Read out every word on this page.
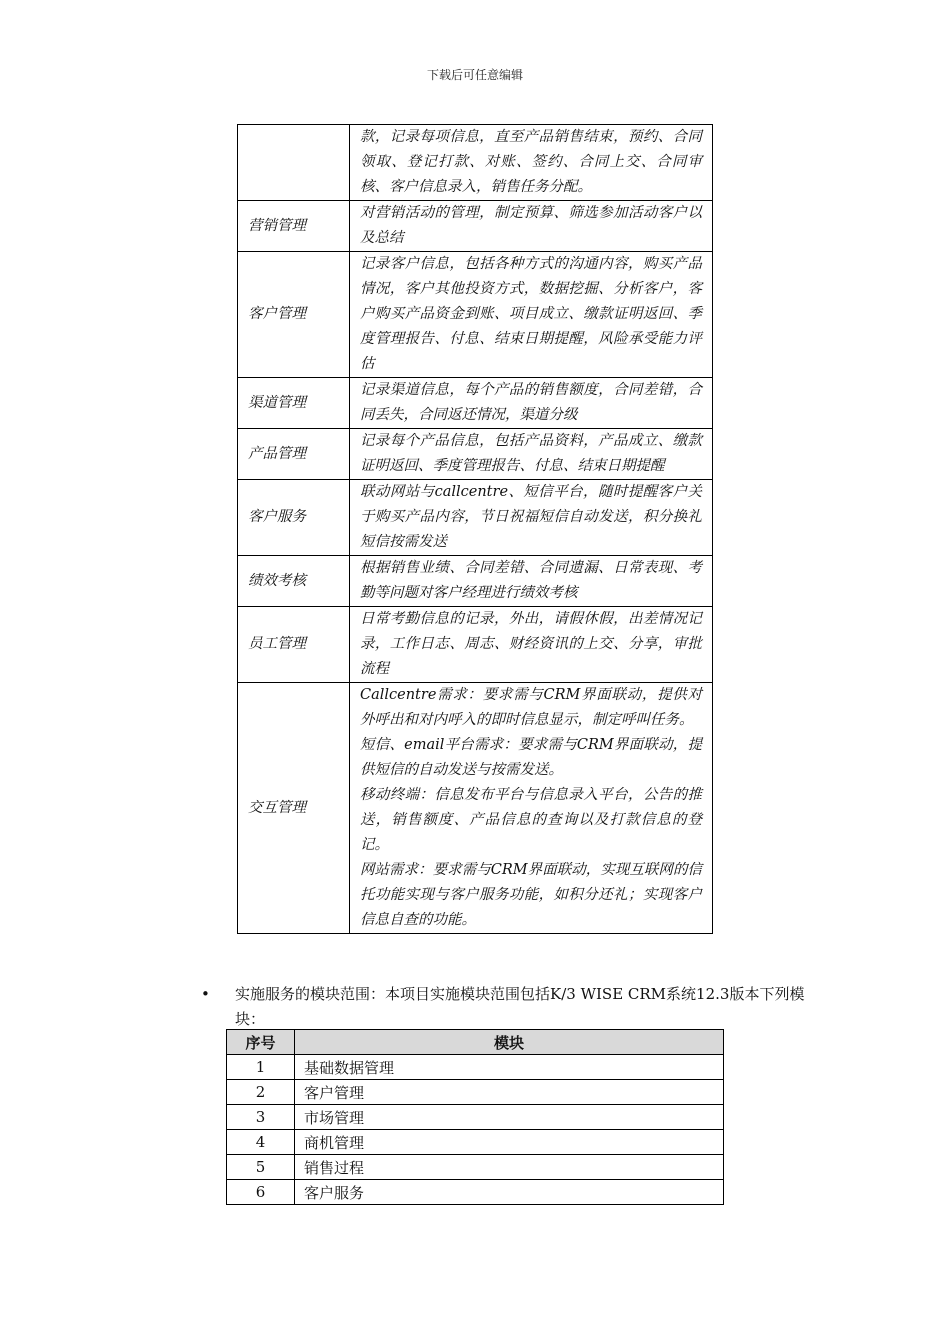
下载后可任意编辑

	款，记录每项信息，直至产品销售结束，预约、合同领取、登记打款、对账、签约、合同上交、合同审核、客户信息录入，销售任务分配。

营销管理	对营销活动的管理，制定预算、筛选参加活动客户以及总结

客户管理	记录客户信息，包括各种方式的沟通内容，购买产品情况，客户其他投资方式，数据挖掘、分析客户，客户购买产品资金到账、项目成立、缴款证明返回、季度管理报告、付息、结束日期提醒，风险承受能力评估

渠道管理	记录渠道信息，每个产品的销售额度，合同差错，合同丢失，合同返还情况，渠道分级

产品管理	记录每个产品信息，包括产品资料，产品成立、缴款证明返回、季度管理报告、付息、结束日期提醒

客户服务	联动网站与callcentre、短信平台，随时提醒客户关于购买产品内容，节日祝福短信自动发送，积分换礼短信按需发送

绩效考核	根据销售业绩、合同差错、合同遗漏、日常表现、考勤等问题对客户经理进行绩效考核

员工管理	日常考勤信息的记录，外出，请假休假，出差情况记录，工作日志、周志、财经资讯的上交、分享，审批流程

交互管理	Callcentre需求：要求需与CRM界面联动，提供对外呼出和对内呼入的即时信息显示，制定呼叫任务。

短信、email平台需求：要求需与CRM界面联动，提供短信的自动发送与按需发送。

移动终端：信息发布平台与信息录入平台，公告的推送，销售额度、产品信息的查询以及打款信息的登记。

网站需求：要求需与CRM界面联动，实现互联网的信托功能实现与客户服务功能，如积分还礼；实现客户信息自查的功能。

• 实施服务的模块范围：本项目实施模块范围包括K/3 WISE CRM系统12.3版本下列模块：
序号	模块
1	基础数据管理
2	客户管理
3	市场管理
4	商机管理
5	销售过程
6	客户服务
